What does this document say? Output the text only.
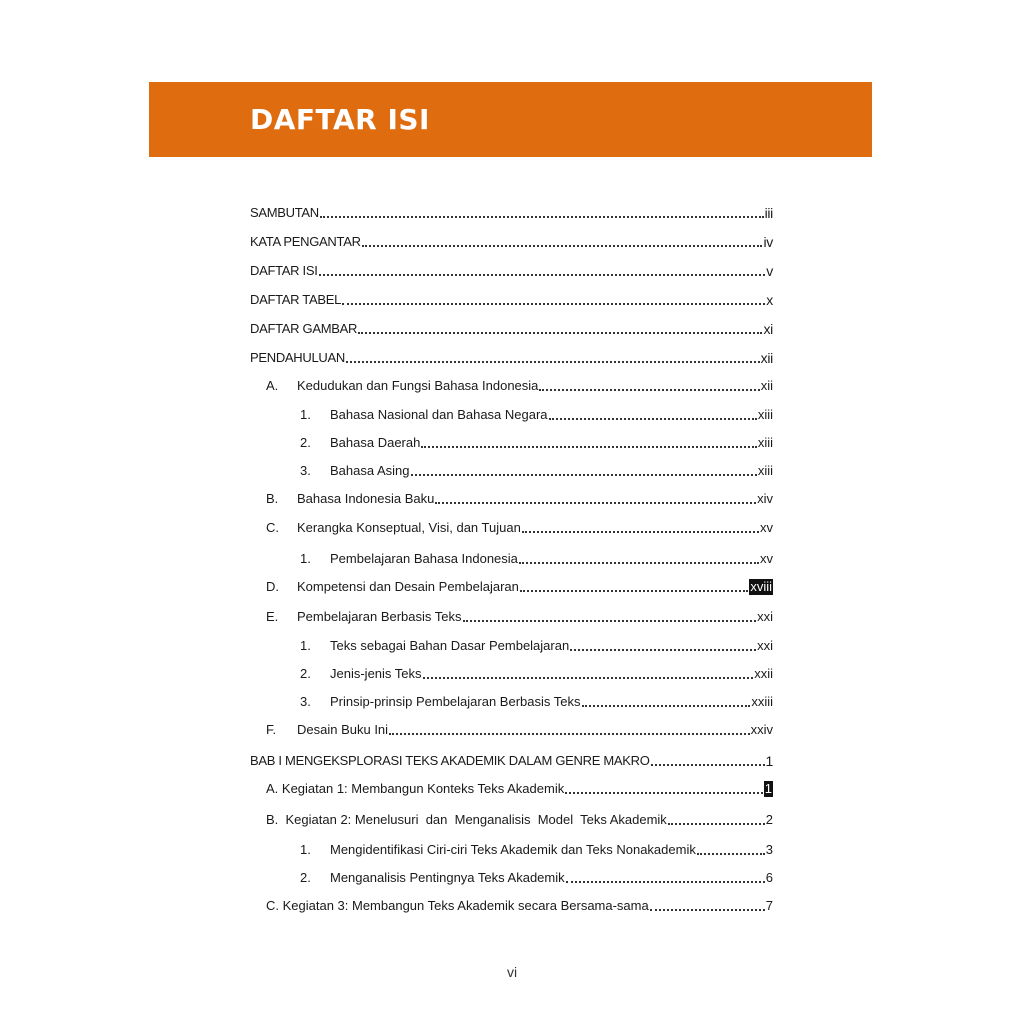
DAFTAR ISI
SAMBUTAN	iii
KATA PENGANTAR	iv
DAFTAR ISI	v
DAFTAR TABEL	x
DAFTAR GAMBAR	xi
PENDAHULUAN	xii
A.	Kedudukan dan Fungsi Bahasa Indonesia	xii
1.	Bahasa Nasional dan Bahasa Negara	xiii
2.	Bahasa Daerah	xiii
3.	Bahasa Asing	xiii
B.	Bahasa Indonesia Baku	xiv
C.	Kerangka Konseptual, Visi, dan Tujuan	xv
1.	Pembelajaran Bahasa Indonesia	xv
D.	Kompetensi dan Desain Pembelajaran	xviii
E.	Pembelajaran Berbasis Teks	xxi
1.	Teks sebagai Bahan Dasar Pembelajaran	xxi
2.	Jenis-jenis Teks	xxii
3.	Prinsip-prinsip Pembelajaran Berbasis Teks	xxiii
F.	Desain Buku Ini	xxiv
BAB I MENGEKSPLORASI TEKS AKADEMIK DALAM GENRE MAKRO	1
A. Kegiatan 1: Membangun Konteks Teks Akademik	1
B.  Kegiatan 2: Menelusuri  dan  Menganalisis  Model  Teks Akademik	2
1.	Mengidentifikasi Ciri-ciri Teks Akademik dan Teks Nonakademik	3
2.	Menganalisis Pentingnya Teks Akademik	6
C. Kegiatan 3: Membangun Teks Akademik secara Bersama-sama	7
vi
